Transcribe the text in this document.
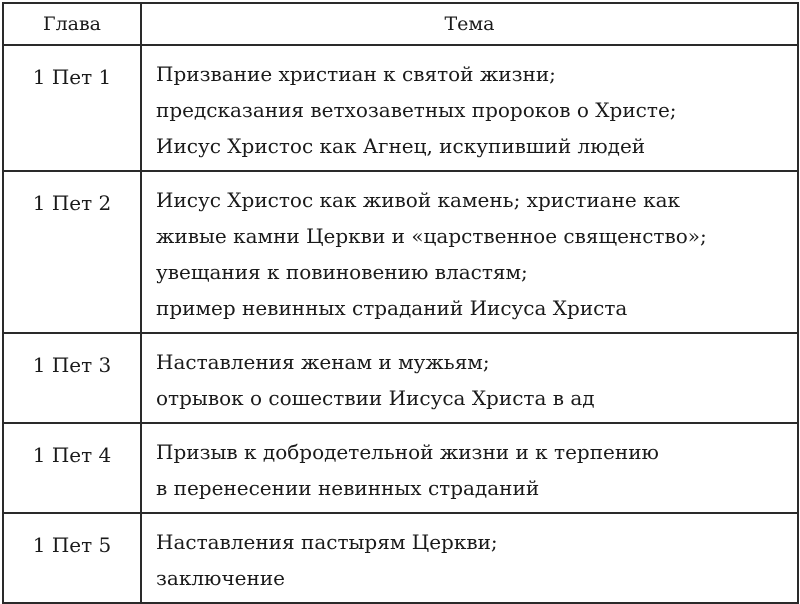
Глава	Тема
1 Пет 1	Призвание христиан к святой жизни;
предсказания ветхозаветных пророков о Христе;
Иисус Христос как Агнец, искупивший людей

1 Пет 2	Иисус Христос как живой камень; христиане как
живые камни Церкви и «царственное священство»;
увещания к повиновению властям;
пример невинных страданий Иисуса Христа

1 Пет 3	Наставления женам и мужьям;
отрывок о сошествии Иисуса Христа в ад

1 Пет 4	Призыв к добродетельной жизни и к терпению
в перенесении невинных страданий

1 Пет 5	Наставления пастырям Церкви;
заключение
